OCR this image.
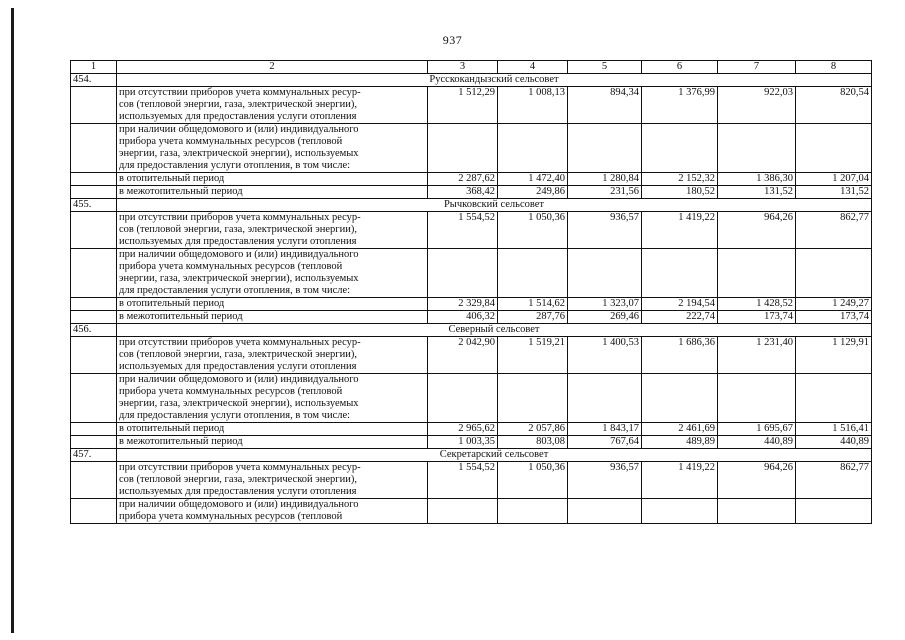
937
1	2	3	4	5	6	7	8
454.	Русскокандызский сельсовет						

	при отсутствии приборов учета коммунальных ресур-
сов (тепловой энергии, газа, электрической энергии),
используемых для предоставления услуги отопления	1 512,29	1 008,13	894,34	1 376,99	922,03	820,54

	при наличии общедомового и (или) индивидуального
прибора учета коммунальных ресурсов (тепловой
энергии, газа, электрической энергии), используемых
для предоставления услуги отопления, в том числе:						

	в отопительный период	2 287,62	1 472,40	1 280,84	2 152,32	1 386,30	1 207,04

	в межотопительный период	368,42	249,86	231,56	180,52	131,52	131,52
455.	Рычковский сельсовет						

	при отсутствии приборов учета коммунальных ресур-
сов (тепловой энергии, газа, электрической энергии),
используемых для предоставления услуги отопления	1 554,52	1 050,36	936,57	1 419,22	964,26	862,77

	при наличии общедомового и (или) индивидуального
прибора учета коммунальных ресурсов (тепловой
энергии, газа, электрической энергии), используемых
для предоставления услуги отопления, в том числе:						

	в отопительный период	2 329,84	1 514,62	1 323,07	2 194,54	1 428,52	1 249,27

	в межотопительный период	406,32	287,76	269,46	222,74	173,74	173,74
456.	Северный сельсовет						

	при отсутствии приборов учета коммунальных ресур-
сов (тепловой энергии, газа, электрической энергии),
используемых для предоставления услуги отопления	2 042,90	1 519,21	1 400,53	1 686,36	1 231,40	1 129,91

	при наличии общедомового и (или) индивидуального
прибора учета коммунальных ресурсов (тепловой
энергии, газа, электрической энергии), используемых
для предоставления услуги отопления, в том числе:						

	в отопительный период	2 965,62	2 057,86	1 843,17	2 461,69	1 695,67	1 516,41

	в межотопительный период	1 003,35	803,08	767,64	489,89	440,89	440,89
457.	Секретарский сельсовет						

	при отсутствии приборов учета коммунальных ресур-
сов (тепловой энергии, газа, электрической энергии),
используемых для предоставления услуги отопления	1 554,52	1 050,36	936,57	1 419,22	964,26	862,77

	при наличии общедомового и (или) индивидуального
прибора учета коммунальных ресурсов (тепловой						
